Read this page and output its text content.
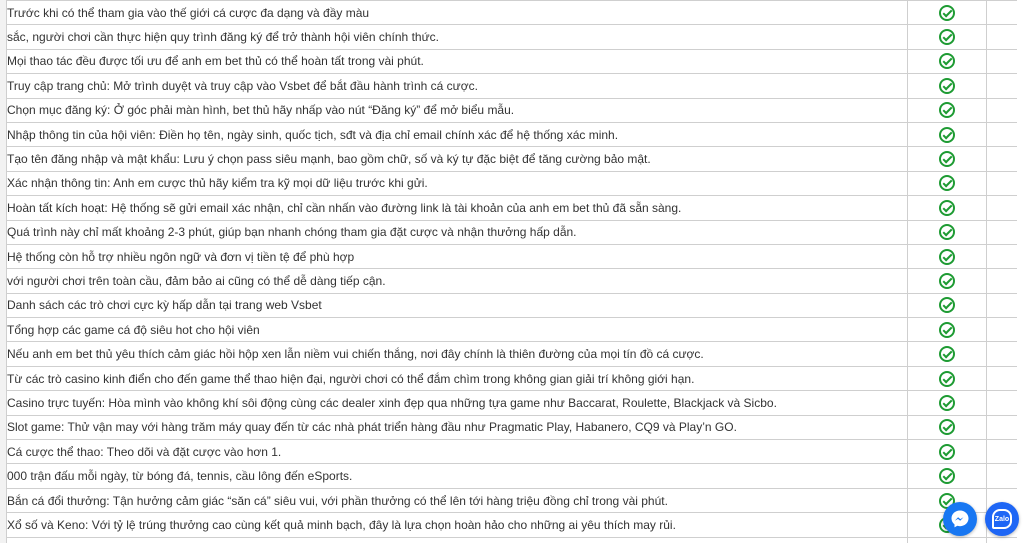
Trước khi có thể tham gia vào thế giới cá cược đa dạng và đầy màu		
sắc, người chơi cần thực hiện quy trình đăng ký để trở thành hội viên chính thức.		
Mọi thao tác đều được tối ưu để anh em bet thủ có thể hoàn tất trong vài phút.		
Truy cập trang chủ: Mở trình duyệt và truy cập vào Vsbet để bắt đầu hành trình cá cược.		
Chọn mục đăng ký: Ở góc phải màn hình, bet thủ hãy nhấp vào nút “Đăng ký” để mở biểu mẫu.		
Nhập thông tin của hội viên: Điền họ tên, ngày sinh, quốc tịch, sđt và địa chỉ email chính xác để hệ thống xác minh.		
Tạo tên đăng nhập và mật khẩu: Lưu ý chọn pass siêu mạnh, bao gồm chữ, số và ký tự đặc biệt để tăng cường bảo mật.		
Xác nhận thông tin: Anh em cược thủ hãy kiểm tra kỹ mọi dữ liệu trước khi gửi.		
Hoàn tất kích hoạt: Hệ thống sẽ gửi email xác nhận, chỉ cần nhấn vào đường link là tài khoản của anh em bet thủ đã sẵn sàng.		
Quá trình này chỉ mất khoảng 2-3 phút, giúp bạn nhanh chóng tham gia đặt cược và nhận thưởng hấp dẫn.		
Hệ thống còn hỗ trợ nhiều ngôn ngữ và đơn vị tiền tệ để phù hợp		
với người chơi trên toàn cầu, đảm bảo ai cũng có thể dễ dàng tiếp cận.		
Danh sách các trò chơi cực kỳ hấp dẫn tại trang web Vsbet		
Tổng hợp các game cá độ siêu hot cho hội viên		
Nếu anh em bet thủ yêu thích cảm giác hồi hộp xen lẫn niềm vui chiến thắng, nơi đây chính là thiên đường của mọi tín đồ cá cược.		
Từ các trò casino kinh điển cho đến game thể thao hiện đại, người chơi có thể đắm chìm trong không gian giải trí không giới hạn.		
Casino trực tuyến: Hòa mình vào không khí sôi động cùng các dealer xinh đẹp qua những tựa game như Baccarat, Roulette, Blackjack và Sicbo.		
Slot game: Thử vận may với hàng trăm máy quay đến từ các nhà phát triển hàng đầu như Pragmatic Play, Habanero, CQ9 và Play’n GO.		
Cá cược thể thao: Theo dõi và đặt cược vào hơn 1.		
000 trận đấu mỗi ngày, từ bóng đá, tennis, cầu lông đến eSports.		
Bắn cá đổi thưởng: Tận hưởng cảm giác “săn cá” siêu vui, với phần thưởng có thể lên tới hàng triệu đồng chỉ trong vài phút.		
Xổ số và Keno: Với tỷ lệ trúng thưởng cao cùng kết quả minh bạch, đây là lựa chọn hoàn hảo cho những ai yêu thích may rủi.		
			Zalo
